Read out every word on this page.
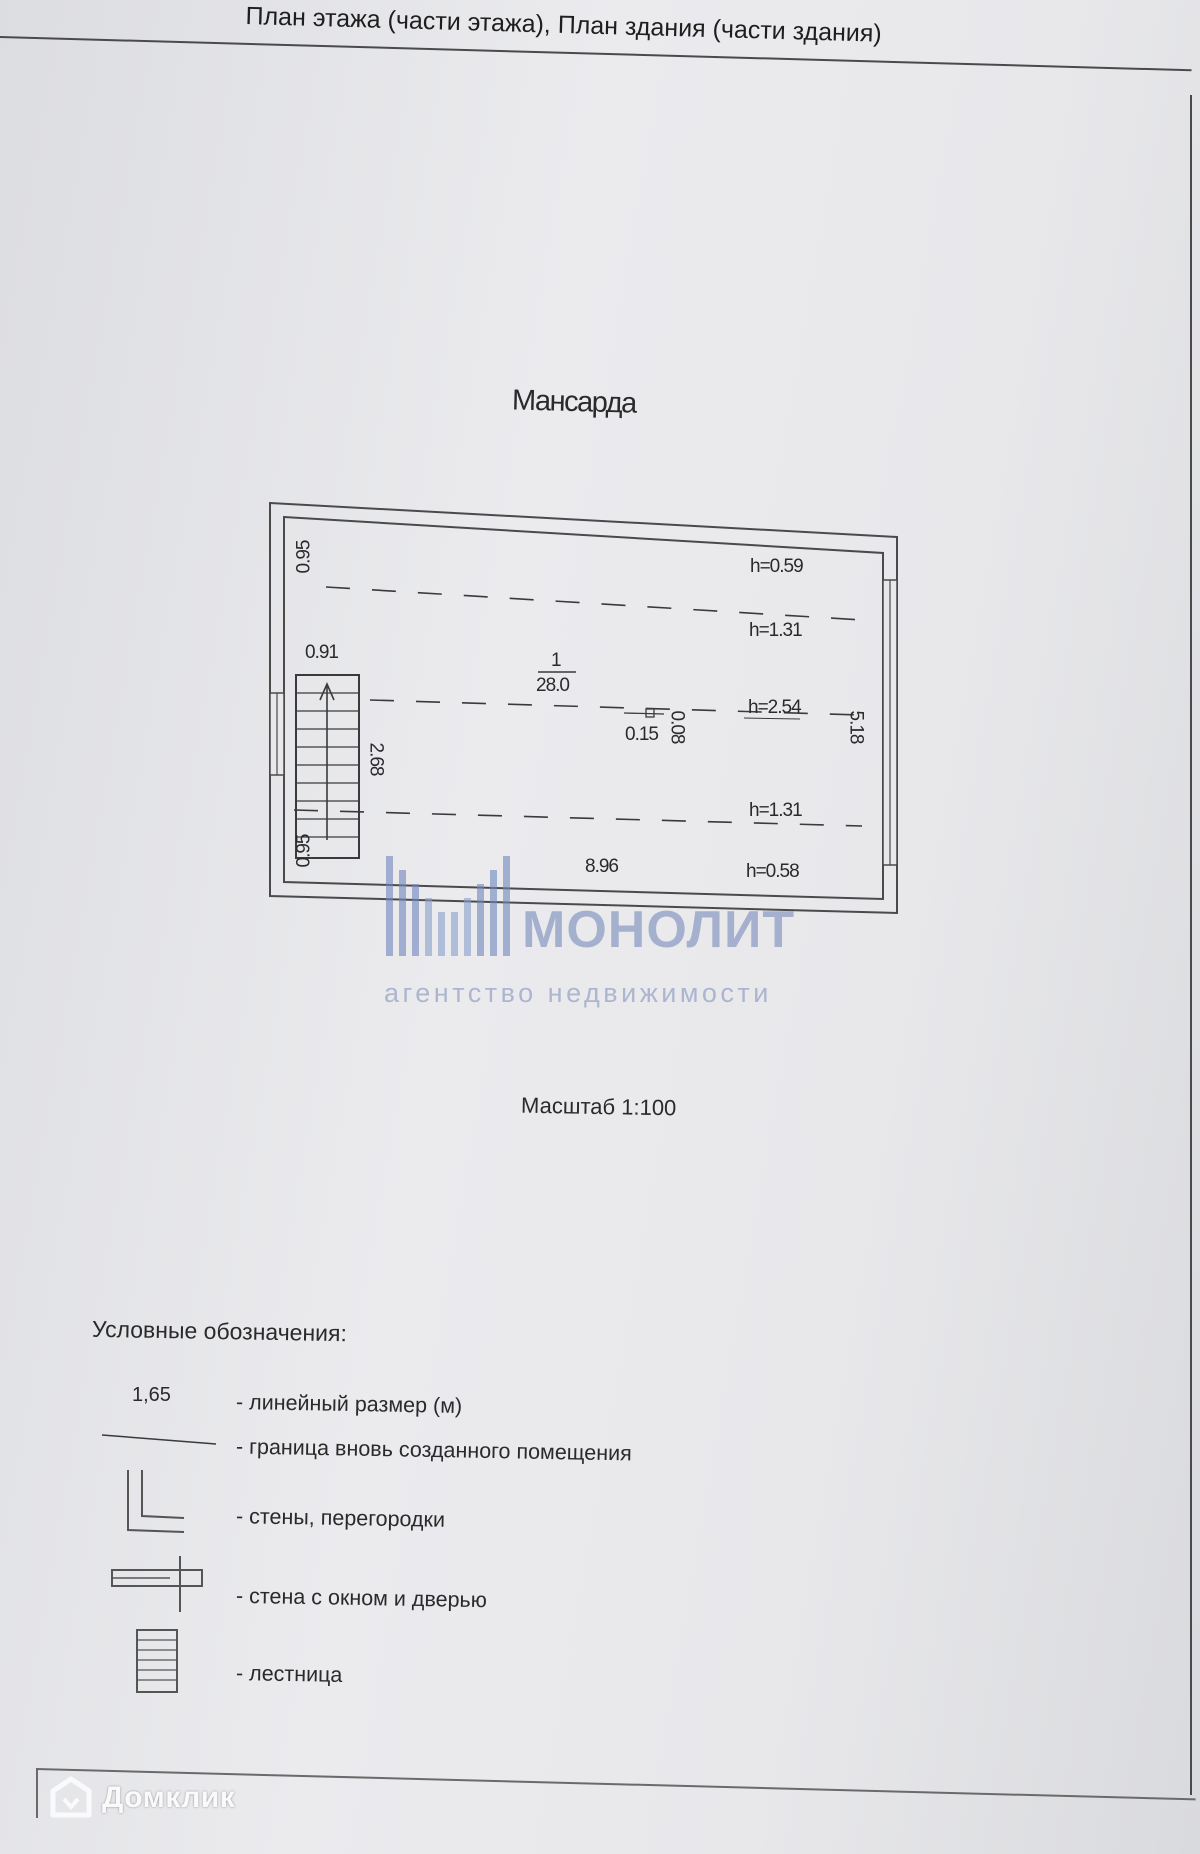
План этажа (части этажа), План здания (части здания)
Мансарда
0.95
0.91
2.68
0.95
1
28.0
0.15 0.08
8.96
5.18
h=0.59
h=1.31
h=2.54
h=1.31
h=0.58
МОНОЛИТ
агентство недвижимости
Масштаб 1:100
Условные обозначения:
1,65	- линейный размер (м)
- граница вновь созданного помещения
- стены, перегородки
- стена с окном и дверью
- лестница
Домклик
